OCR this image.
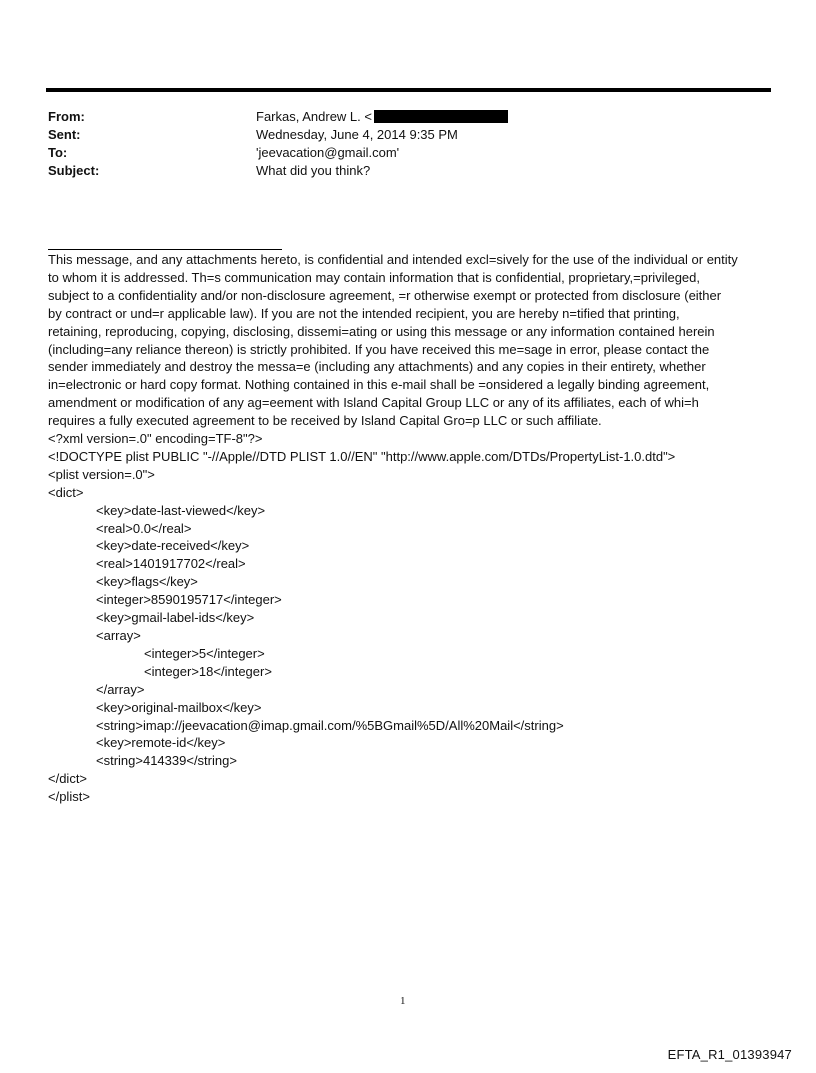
From:	Farkas, Andrew L. <
Sent:	Wednesday, June 4, 2014 9:35 PM
To:	'jeevacation@gmail.com'
Subject:	What did you think?
This message, and any attachments hereto, is confidential and intended excl=sively for the use of the individual or entity
to whom it is addressed. Th=s communication may contain information that is confidential, proprietary,=privileged,
subject to a confidentiality and/or non-disclosure agreement, =r otherwise exempt or protected from disclosure (either
by contract or und=r applicable law). If you are not the intended recipient, you are hereby n=tified that printing,
retaining, reproducing, copying, disclosing, dissemi=ating or using this message or any information contained herein
(including=any reliance thereon) is strictly prohibited. If you have received this me=sage in error, please contact the
sender immediately and destroy the messa=e (including any attachments) and any copies in their entirety, whether
in=electronic or hard copy format. Nothing contained in this e-mail shall be =onsidered a legally binding agreement,
amendment or modification of any ag=eement with Island Capital Group LLC or any of its affiliates, each of whi=h
requires a fully executed agreement to be received by Island Capital Gro=p LLC or such affiliate.
<?xml version=.0" encoding=TF-8"?>
<!DOCTYPE plist PUBLIC "-//Apple//DTD PLIST 1.0//EN" "http://www.apple.com/DTDs/PropertyList-1.0.dtd">
<plist version=.0">
<dict>
<key>date-last-viewed</key>
<real>0.0</real>
<key>date-received</key>
<real>1401917702</real>
<key>flags</key>
<integer>8590195717</integer>
<key>gmail-label-ids</key>
<array>
<integer>5</integer>
<integer>18</integer>
</array>
<key>original-mailbox</key>
<string>imap://jeevacation@imap.gmail.com/%5BGmail%5D/All%20Mail</string>
<key>remote-id</key>
<string>414339</string>
</dict>
</plist>
1
EFTA_R1_01393947
